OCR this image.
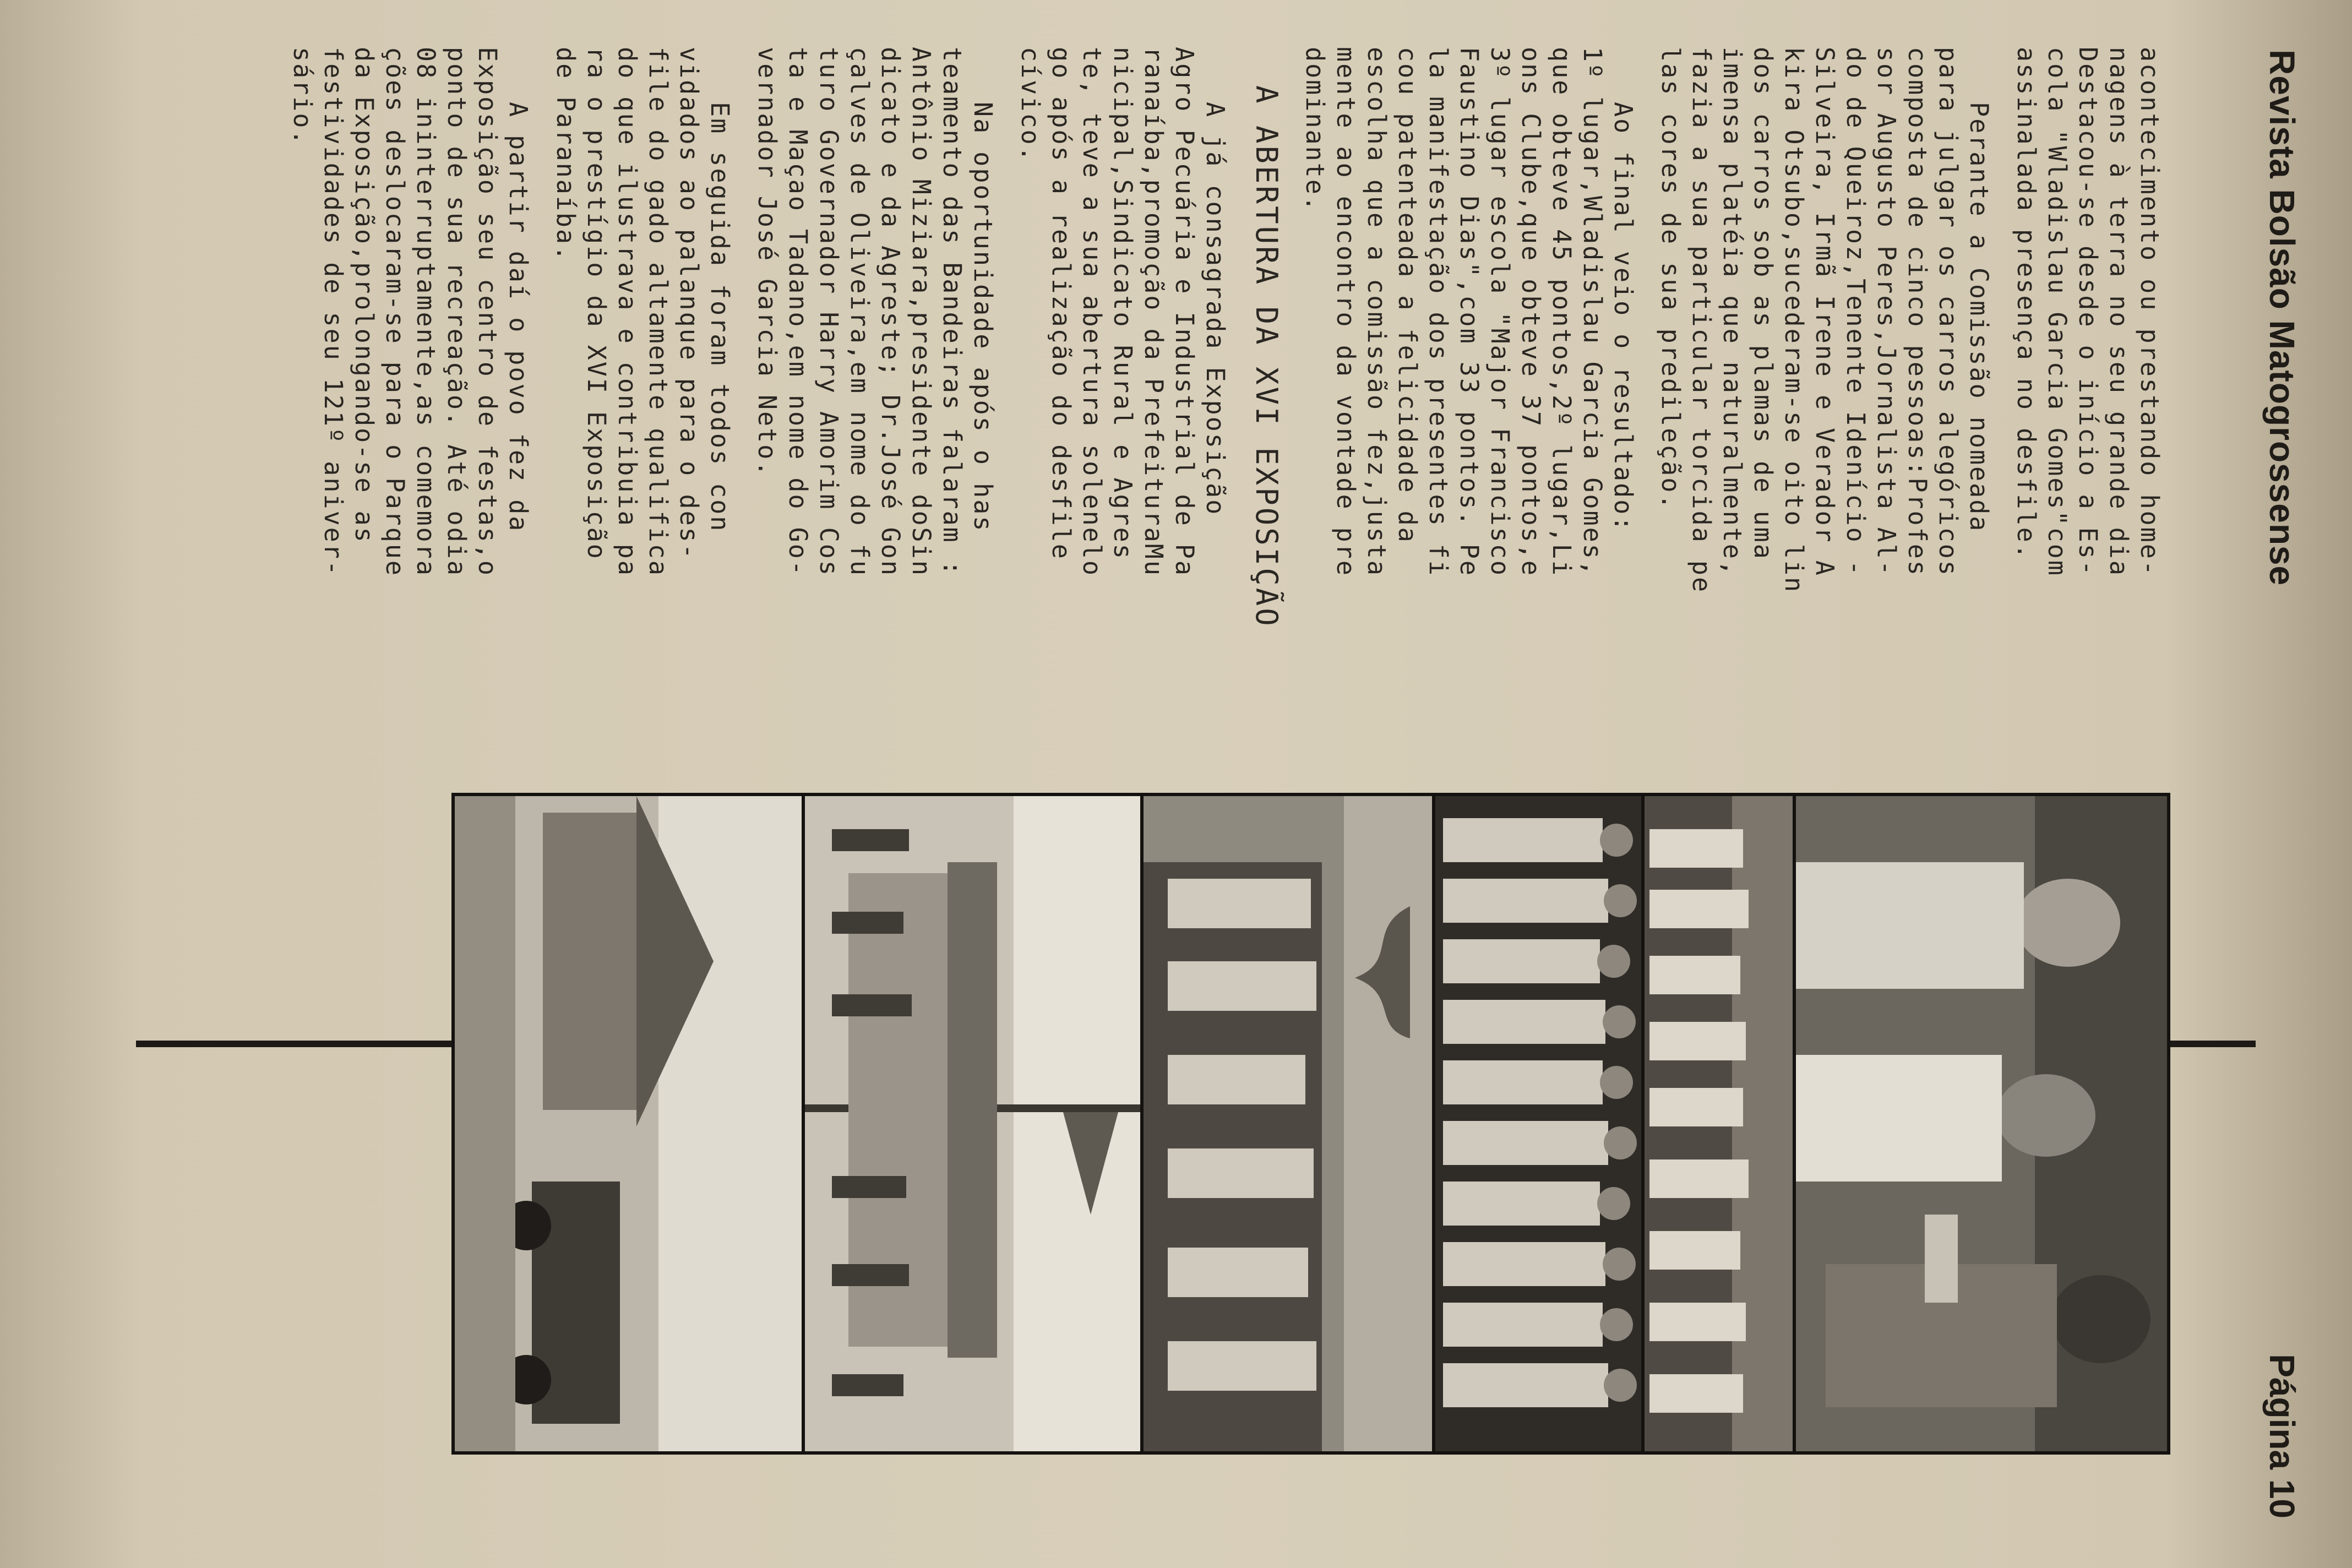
Revista Bolsão Matogrossense
Página 10

acontecimento ou prestando home-
nagens à terra no seu grande dia
Destacou-se desde o início a Es-
cola "Wladislau Garcia Gomes"com
assinalada presença no desfile.

Perante a Comissão nomeada
para julgar os carros alegóricos
composta de cinco pessoas:Profes
sor Augusto Peres,Jornalista Al-
do de Queiroz,Tenente Idenício -
Silveira, Irmã Irene e Verador A
kira Otsubo,sucederam-se oito lin
dos carros sob as plamas de uma
imensa platéia que naturalmente,
fazia a sua particular torcida pe
las cores de sua predileção.

Ao final veio o resultado:
1º lugar,Wladislau Garcia Gomes,
que obteve 45 pontos,2º lugar,Li
ons Clube,que obteve 37 pontos,e
3º lugar escola "Major Francisco
Faustino Dias",com 33 pontos. Pe
la manifestação dos presentes fi
cou patenteada a felicidade da
escolha que a comissão fez,justa
mente ao encontro da vontade pre
dominante.

A ABERTURA DA XVI EXPOSIÇÃO

A já consagrada Exposição
Agro Pecuária e Industrial de Pa
ranaíba,promoção da PrefeituraMu
nicipal,Sindicato Rural e Agres
te, teve a sua abertura solenelo
go após a realização do desfile
cívico.

Na oportunidade após o has
teamento das Bandeiras falaram :
Antônio Miziara,presidente doSin
dicato e da Agreste; Dr.José Gon
çalves de Oliveira,em nome do fu
turo Governador Harry Amorim Cos
ta e Maçao Tadano,em nome do Go-
vernador José Garcia Neto.

Em seguida foram todos con
vidados ao palanque para o des-
file do gado altamente qualifica
do que ilustrava e contribuia pa
ra o prestígio da XVI Exposição
de Paranaíba.

A partir daí o povo fez da
Exposição seu centro de festas,o
ponto de sua recreação. Até odia
08 ininterruptamente,as comemora
ções deslocaram-se para o Parque
da Exposição,prolongando-se as
festividades de seu 121º aniver-
sário.
